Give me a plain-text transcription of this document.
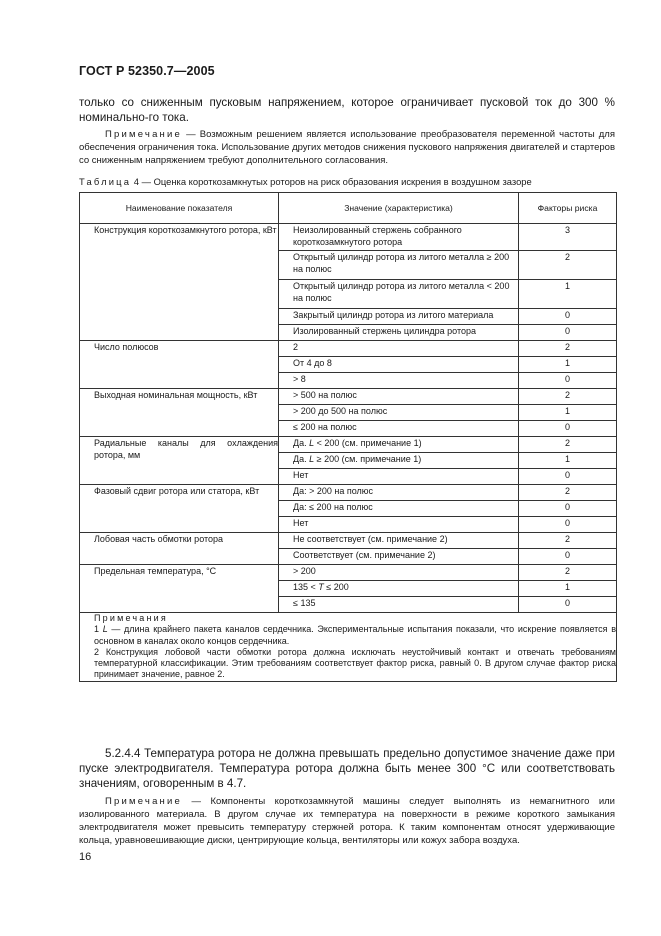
ГОСТ Р 52350.7—2005
только со сниженным пусковым напряжением, которое ограничивает пусковой ток до 300 % номинально-го тока.
Примечание — Возможным решением является использование преобразователя переменной частоты для обеспечения ограничения тока. Использование других методов снижения пускового напряжения двигателей и стартеров со сниженным напряжением требуют дополнительного согласования.
Таблица 4 — Оценка короткозамкнутых роторов на риск образования искрения в воздушном зазоре
Наименование показателя	Значение (характеристика)	Факторы риска

Конструкция короткозамкнутого ротора, кВт	Неизолированный стержень собранного короткозамкнутого ротора	3

	Открытый цилиндр ротора из литого металла ≥ 200 на полюс	2

	Открытый цилиндр ротора из литого металла < 200 на полюс	1

	Закрытый цилиндр ротора из литого материала	0

	Изолированный стержень цилиндра ротора	0

Число полюсов	2	2

	От 4 до 8	1

	> 8	0

Выходная номинальная мощность, кВт	> 500 на полюс	2

	> 200 до 500 на полюс	1

	≤ 200 на полюс	0

Радиальные каналы для охлаждения ротора, мм	Да. L < 200 (см. примечание 1)	2

	Да. L ≥ 200 (см. примечание 1)	1

	Нет	0

Фазовый сдвиг ротора или статора, кВт	Да: > 200 на полюс	2

	Да: ≤ 200 на полюс	0

	Нет	0

Лобовая часть обмотки ротора	Не соответствует (см. примечание 2)	2

	Соответствует (см. примечание 2)	0

Предельная температура, °С	> 200	2

	135 < T ≤ 200	1

	≤ 135	0

Примечания
1 L — длина крайнего пакета каналов сердечника. Экспериментальные испытания показали, что искрение появляется в основном в каналах около концов сердечника.
2 Конструкция лобовой части обмотки ротора должна исключать неустойчивый контакт и отвечать требованиям температурной классификации. Этим требованиям соответствует фактор риска, равный 0. В другом случае фактор риска принимает значение, равное 2.		
5.2.4.4 Температура ротора не должна превышать предельно допустимое значение даже при пуске электродвигателя. Температура ротора должна быть менее 300 °С или соответствовать значениям, оговоренным в 4.7.
Примечание — Компоненты короткозамкнутой машины следует выполнять из немагнитного или изолированного материала. В другом случае их температура на поверхности в режиме короткого замыкания электродвигателя может превысить температуру стержней ротора. К таким компонентам относят удерживающие кольца, уравновешивающие диски, центрирующие кольца, вентиляторы или кожух забора воздуха.
16
